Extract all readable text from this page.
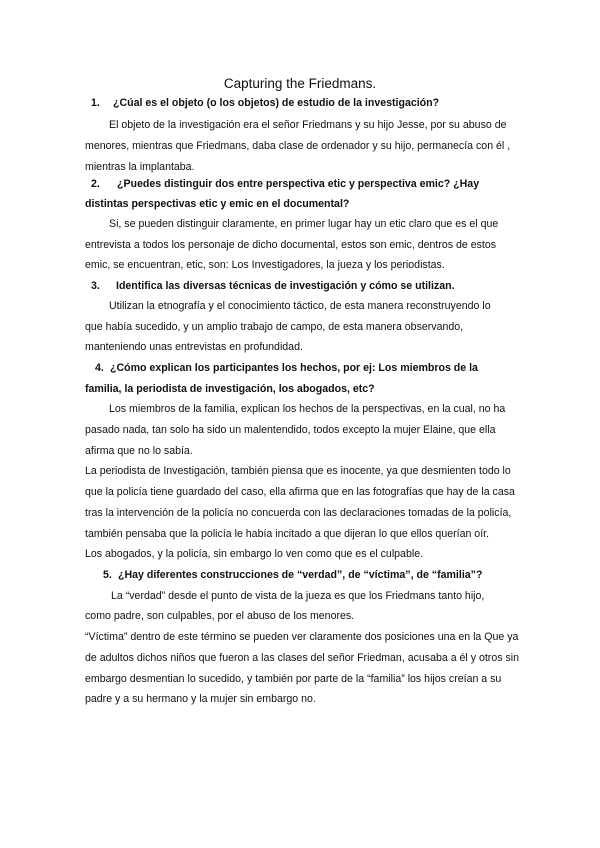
Capturing the Friedmans.
1. ¿Cúal es el objeto (o los objetos) de estudio de la investigación?
El objeto de la investigación era el señor Friedmans y su hijo Jesse, por su abuso de
menores, mientras que Friedmans, daba clase de ordenador y su hijo, permanecía con él ,
mientras la implantaba.
2. ¿Puedes distinguir dos entre perspectiva etic y perspectiva emic? ¿Hay
distintas perspectivas etic y emic en el documental?
Si, se pueden distinguir claramente, en primer lugar hay un etic claro que es el que
entrevista a todos los personaje de dicho documental, estos son emic, dentros de estos
emic, se encuentran, etic, son: Los Investigadores, la jueza y los periodistas.
3. Identifica las diversas técnicas de investigación y cómo se utilizan.
Utilizan la etnografía y el conocimiento táctico, de esta manera reconstruyendo lo
que había sucedido, y un amplio trabajo de campo, de esta manera observando,
manteniendo unas entrevistas en profundidad.
4. ¿Cómo explican los participantes los hechos, por ej: Los miembros de la
familia, la periodista de investigación, los abogados, etc?
Los miembros de la familia, explican los hechos de la perspectivas, en la cual, no ha
pasado nada, tan solo ha sido un malentendido, todos excepto la mujer Elaine, que ella
afirma que no lo sabía.
La periodista de Investigación, también piensa que es inocente, ya que desmienten todo lo
que la policía tiene guardado del caso, ella afirma que en las fotografías que hay de la casa
tras la intervención de la policía no concuerda con las declaraciones tomadas de la policía,
también pensaba que la policía le había incitado a que dijeran lo que ellos querían oír.
Los abogados, y la policía, sin embargo lo ven como que es el culpable.
5. ¿Hay diferentes construcciones de “verdad”, de “víctima”, de “familia”?
La “verdad” desde el punto de vista de la jueza es que los Friedmans tanto hijo,
como padre, son culpables, por el abuso de los menores.
“Víctima” dentro de este término se pueden ver claramente dos posiciones una en la Que ya
de adultos dichos niños que fueron a las clases del señor Friedman, acusaba a él y otros sin
embargo desmentian lo sucedido, y también por parte de la “familia” los hijos creían a su
padre y a su hermano y la mujer sin embargo no.
